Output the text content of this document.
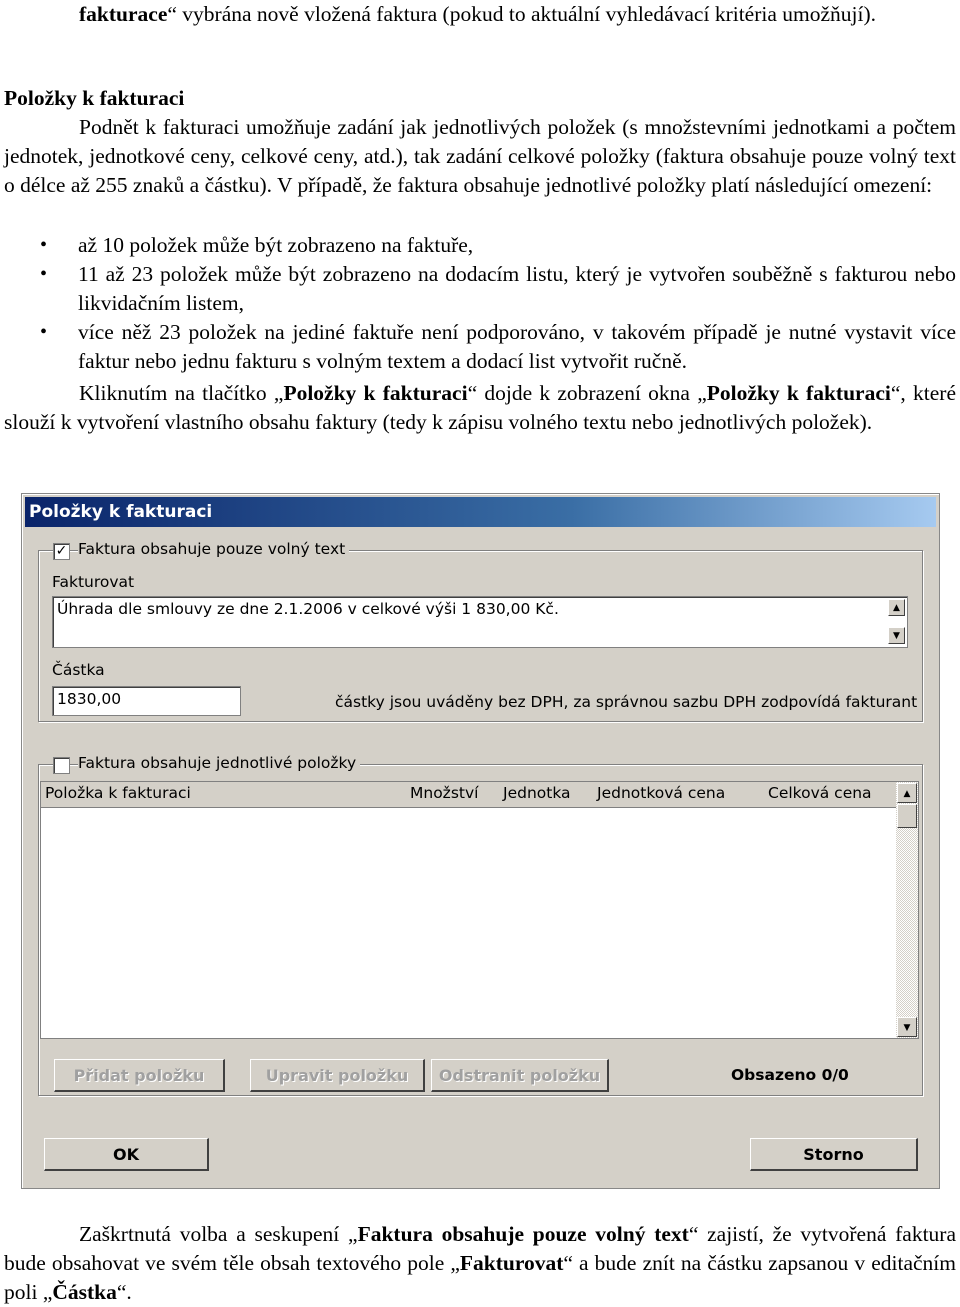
fakturace“ vybrána nově vložená faktura (pokud to aktuální vyhledávací kritéria umožňují).
Položky k fakturaci
Podnět k fakturaci umožňuje zadání jak jednotlivých položek (s množstevními jednotkami a počtem jednotek, jednotkové ceny, celkové ceny, atd.), tak zadání celkové položky (faktura obsahuje pouze volný text o délce až 255 znaků a částku). V případě, že faktura obsahuje jednotlivé položky platí následující omezení:
• až 10 položek může být zobrazeno na faktuře,
• 11 až 23 položek může být zobrazeno na dodacím listu, který je vytvořen souběžně s fakturou nebo likvidačním listem,
• více něž 23 položek na jediné faktuře není podporováno, v takovém případě je nutné vystavit více faktur nebo jednu fakturu s volným textem a dodací list vytvořit ručně.
Kliknutím na tlačítko „Položky k fakturaci“ dojde k zobrazení okna „Položky k fakturaci“, které slouží k vytvoření vlastního obsahu faktury (tedy k zápisu volného textu nebo jednotlivých položek).
Položky k fakturaci
✓ Faktura obsahuje pouze volný text
Fakturovat
Úhrada dle smlouvy ze dne 2.1.2006 v celkové výši 1 830,00 Kč.	▲
▼
Částka
1830,00	částky jsou uváděny bez DPH, za správnou sazbu DPH zodpovídá fakturant
Faktura obsahuje jednotlivé položky
Položka k fakturaci	Množství Jednotka Jednotková cena	Celková cena	▲
▼
Přidat položku	Upravit položku	Odstranit položku	Obsazeno 0/0
OK	Storno
Zaškrtnutá volba a seskupení „Faktura obsahuje pouze volný text“ zajistí, že vytvořená faktura bude obsahovat ve svém těle obsah textového pole „Fakturovat“ a bude znít na částku zapsanou v editačním poli „Částka“.
